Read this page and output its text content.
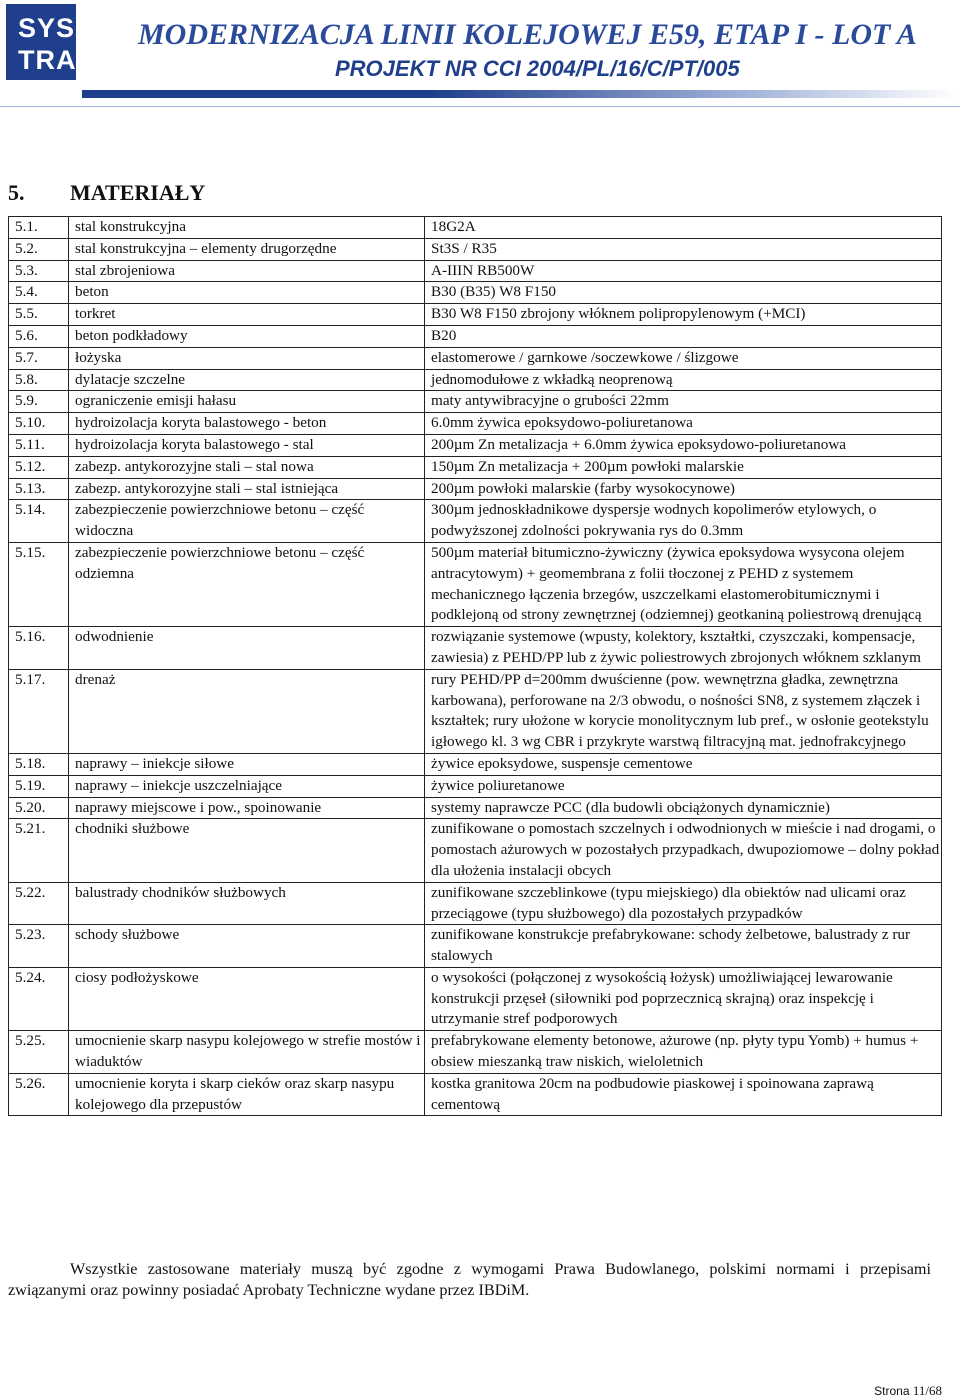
SYS
TRA
MODERNIZACJA LINII KOLEJOWEJ E59, ETAP I - LOT A
PROJEKT NR CCI 2004/PL/16/C/PT/005
5. MATERIAŁY
5.1.	stal konstrukcyjna	18G2A
5.2.	stal konstrukcyjna – elementy drugorzędne	St3S / R35
5.3.	stal zbrojeniowa	A-IIIN RB500W
5.4.	beton	B30 (B35) W8 F150
5.5.	torkret	B30 W8 F150 zbrojony włóknem polipropylenowym (+MCI)
5.6.	beton podkładowy	B20
5.7.	łożyska	elastomerowe / garnkowe /soczewkowe / ślizgowe
5.8.	dylatacje szczelne	jednomodułowe z wkładką neoprenową
5.9.	ograniczenie emisji hałasu	maty antywibracyjne o grubości 22mm
5.10.	hydroizolacja koryta balastowego - beton	6.0mm żywica epoksydowo-poliuretanowa
5.11.	hydroizolacja koryta balastowego - stal	200µm Zn metalizacja + 6.0mm żywica epoksydowo-poliuretanowa
5.12.	zabezp. antykorozyjne stali – stal nowa	150µm Zn metalizacja + 200µm powłoki malarskie
5.13.	zabezp. antykorozyjne stali – stal istniejąca	200µm powłoki malarskie (farby wysokocynowe)
5.14.	zabezpieczenie powierzchniowe betonu – część widoczna	300µm jednoskładnikowe dyspersje wodnych kopolimerów etylowych, o podwyższonej zdolności pokrywania rys do 0.3mm
5.15.	zabezpieczenie powierzchniowe betonu – część odziemna	500µm materiał bitumiczno-żywiczny (żywica epoksydowa wysycona olejem antracytowym) + geomembrana z folii tłoczonej z PEHD z systemem mechanicznego łączenia brzegów, uszczelkami elastomerobitumicznymi i podklejoną od strony zewnętrznej (odziemnej) geotkaniną poliestrową drenującą
5.16.	odwodnienie	rozwiązanie systemowe (wpusty, kolektory, kształtki, czyszczaki, kompensacje, zawiesia) z PEHD/PP lub z żywic poliestrowych zbrojonych włóknem szklanym
5.17.	drenaż	rury PEHD/PP d=200mm dwuścienne (pow. wewnętrzna gładka, zewnętrzna karbowana), perforowane na 2/3 obwodu, o nośności SN8, z systemem złączek i kształtek; rury ułożone w korycie monolitycznym lub pref., w osłonie geotekstylu igłowego kl. 3 wg CBR i przykryte warstwą filtracyjną mat. jednofrakcyjnego
5.18.	naprawy – iniekcje siłowe	żywice epoksydowe, suspensje cementowe
5.19.	naprawy – iniekcje uszczelniające	żywice poliuretanowe
5.20.	naprawy miejscowe i pow., spoinowanie	systemy naprawcze PCC (dla budowli obciążonych dynamicznie)
5.21.	chodniki służbowe	zunifikowane o pomostach szczelnych i odwodnionych w mieście i nad drogami, o pomostach ażurowych w pozostałych przypadkach, dwupoziomowe – dolny pokład dla ułożenia instalacji obcych
5.22.	balustrady chodników służbowych	zunifikowane szczeblinkowe (typu miejskiego) dla obiektów nad ulicami oraz przeciągowe (typu służbowego) dla pozostałych przypadków
5.23.	schody służbowe	zunifikowane konstrukcje prefabrykowane: schody żelbetowe, balustrady z rur stalowych
5.24.	ciosy podłożyskowe	o wysokości (połączonej z wysokością łożysk) umożliwiającej lewarowanie konstrukcji przęseł (siłowniki pod poprzecznicą skrajną) oraz inspekcję i utrzymanie stref podporowych
5.25.	umocnienie skarp nasypu kolejowego w strefie mostów i wiaduktów	prefabrykowane elementy betonowe, ażurowe (np. płyty typu Yomb) + humus + obsiew mieszanką traw niskich, wieloletnich
5.26.	umocnienie koryta i skarp cieków oraz skarp nasypu kolejowego dla przepustów	kostka granitowa 20cm na podbudowie piaskowej i spoinowana zaprawą cementową
Wszystkie zastosowane materiały muszą być zgodne z wymogami Prawa Budowlanego, polskimi normami i przepisami związanymi oraz powinny posiadać Aprobaty Techniczne wydane przez IBDiM.
Strona 11/68
